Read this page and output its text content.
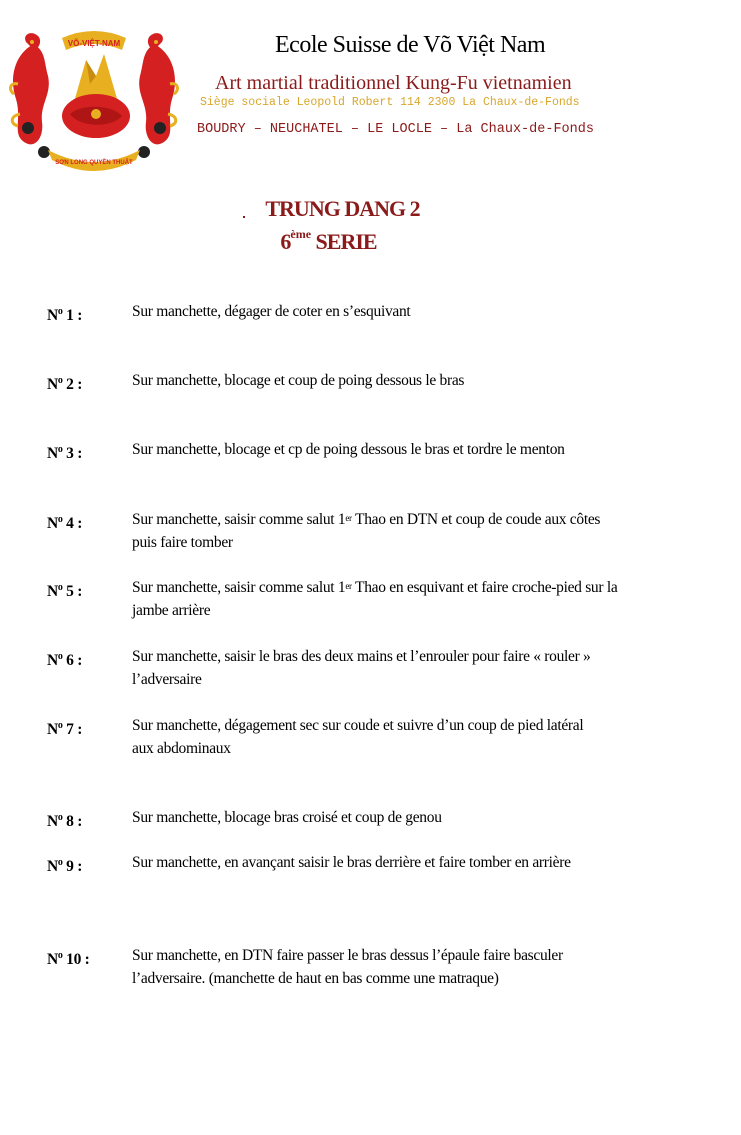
VÕ-VIỆT-NAM
SƠN LONG QUYỀN THUẬT
Ecole Suisse de Võ Việt Nam
Art martial traditionnel Kung-Fu vietnamien
Siège sociale Leopold Robert 114 2300 La Chaux-de-Fonds
BOUDRY – NEUCHATEL – LE LOCLE – La Chaux-de-Fonds
TRUNG DANG 2
6ème SERIE
$N^o$ 1 :	Sur manchette, dégager de coter en s’esquivant
$N^o$ 2 :	Sur manchette, blocage et coup de poing dessous le bras
$N^o$ 3 :	Sur manchette, blocage et cp de poing dessous le bras et tordre le menton
$N^o$ 4 :	Sur manchette, saisir comme salut 1er Thao en DTN et coup de coude aux côtes puis faire tomber
$N^o$ 5 :	Sur manchette, saisir comme salut 1er Thao en esquivant et faire croche-pied sur la jambe arrière
$N^o$ 6 :	Sur manchette, saisir le bras des deux mains et l’enrouler pour faire « rouler » l’adversaire
$N^o$ 7 :	Sur manchette, dégagement sec sur coude et suivre d’un coup de pied latéral aux abdominaux
$N^o$ 8 :	Sur manchette, blocage bras croisé et coup de genou
$N^o$ 9 :	Sur manchette, en avançant saisir le bras derrière et faire tomber en arrière
$N^o$ 10 :	Sur manchette, en DTN faire passer le bras dessus l’épaule faire basculer l’adversaire. (manchette de haut en bas comme une matraque)
